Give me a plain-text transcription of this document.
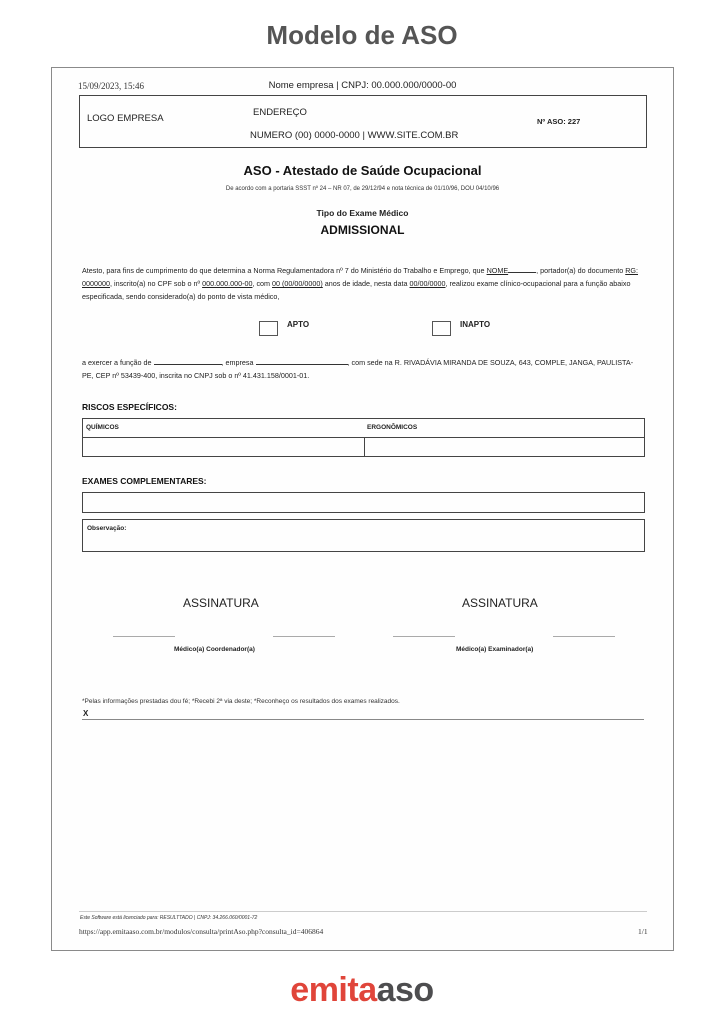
Modelo de ASO
15/09/2023, 15:46	Nome empresa | CNPJ: 00.000.000/0000-00
LOGO EMPRESA
ENDEREÇO
NUMERO (00) 0000-0000 | WWW.SITE.COM.BR
Nº ASO: 227
ASO - Atestado de Saúde Ocupacional
De acordo com a portaria SSST nº 24 – NR 07, de 29/12/94 e nota técnica de 01/10/96, DOU 04/10/96
Tipo do Exame Médico
ADMISSIONAL
Atesto, para fins de cumprimento do que determina a Norma Regulamentadora nº 7 do Ministério do Trabalho e Emprego, que NOME	, portador(a) do documento RG: 0000000, inscrito(a) no CPF sob o nº 000.000.000-00, com 00 (00/00/0000) anos de idade, nesta data 00/00/0000, realizou exame clínico-ocupacional para a função abaixo especificada, sendo considerado(a) do ponto de vista médico,
APTO	INAPTO
a exercer a função de	, empresa	, com sede na R. RIVADÁVIA MIRANDA DE SOUZA, 643, COMPLE, JANGA, PAULISTA-PE, CEP nº 53439-400, inscrita no CNPJ sob o nº 41.431.158/0001-01.
RISCOS ESPECÍFICOS:
QUÍMICOS	ERGONÔMICOS
EXAMES COMPLEMENTARES:
Observação:
ASSINATURA	ASSINATURA
Médico(a) Coordenador(a)	Médico(a) Examinador(a)
*Pelas informações prestadas dou fé; *Recebi 2ª via deste; *Reconheço os resultados dos exames realizados.
X
Este Software está licenciado para: RESULTTADO | CNPJ: 34.266.060/0001-72
https://app.emitaaso.com.br/modulos/consulta/printAso.php?consulta_id=406864	1/1
emitaaso
